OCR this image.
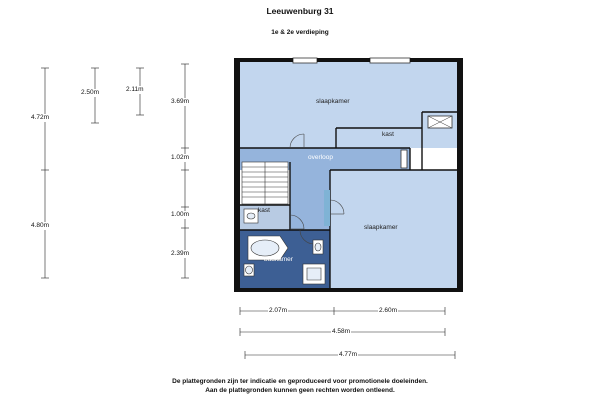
Leeuwenburg 31
1e & 2e verdieping
slaapkamer
kast
overloop
kast
slaapkamer
badkamer
4.72m
4.80m
2.50m	2.11m
3.69m
1.02m
1.00m
2.39m
2.07m	2.60m
4.58m
4.77m
De plattegronden zijn ter indicatie en geproduceerd voor promotionele doeleinden.
Aan de plattegronden kunnen geen rechten worden ontleend.
